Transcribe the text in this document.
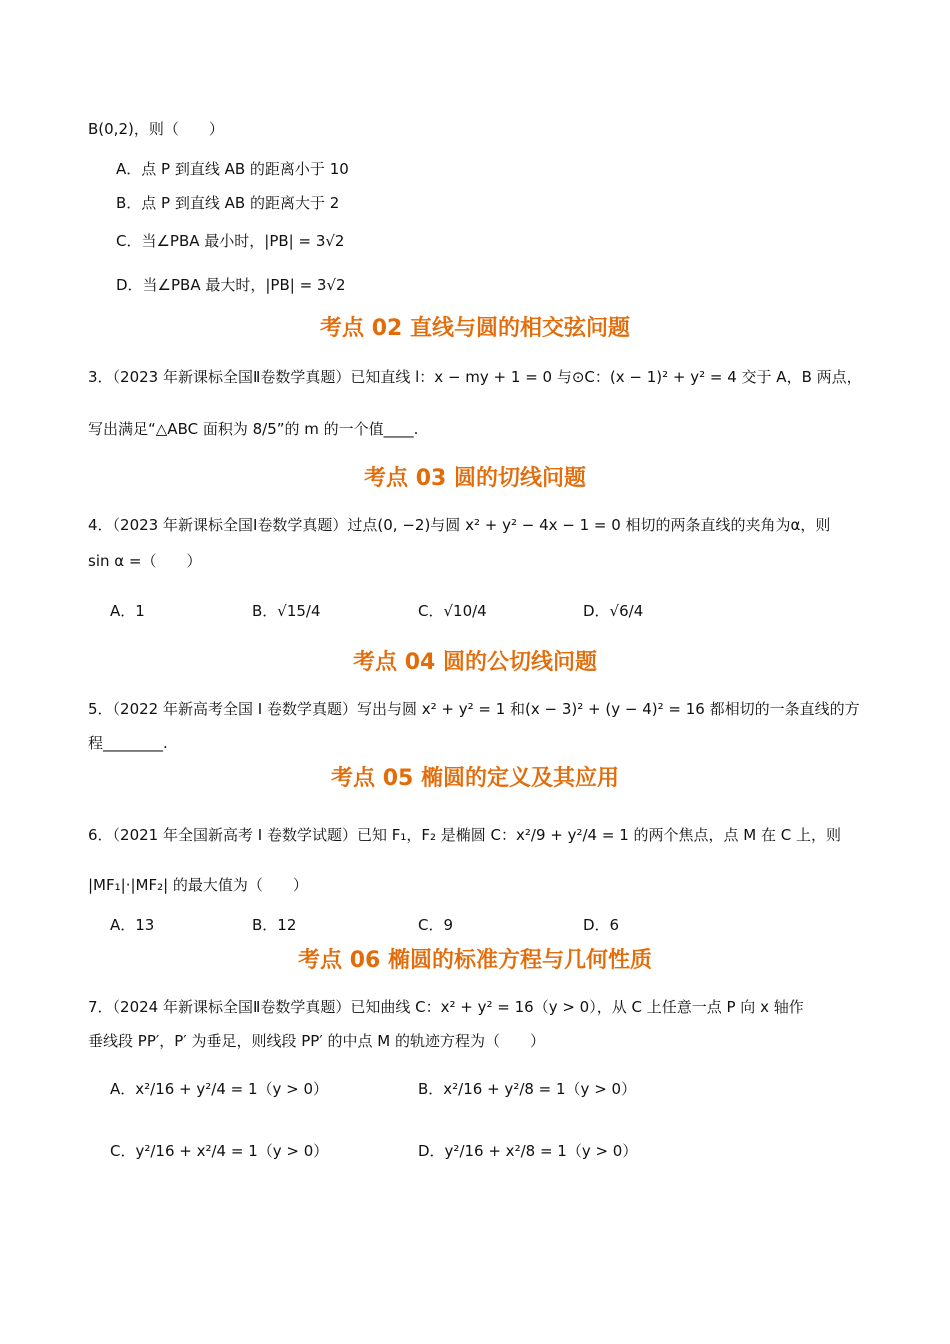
B(0,2)，则（　　）
A．点 P 到直线 AB 的距离小于 10
B．点 P 到直线 AB 的距离大于 2
C．当∠PBA 最小时，|PB| = 3√2
D．当∠PBA 最大时，|PB| = 3√2
考点 02 直线与圆的相交弦问题
3．（2023 年新课标全国Ⅱ卷数学真题）已知直线 l：x − my + 1 = 0 与⊙C：(x − 1)² + y² = 4 交于 A，B 两点，
写出满足“△ABC 面积为 8/5”的 m 的一个值____.
考点 03 圆的切线问题
4．（2023 年新课标全国Ⅰ卷数学真题）过点(0, −2)与圆 x² + y² − 4x − 1 = 0 相切的两条直线的夹角为α，则
sin α =（　　）
A．1	B．√15/4	C．√10/4	D．√6/4
考点 04 圆的公切线问题
5．（2022 年新高考全国 I 卷数学真题）写出与圆 x² + y² = 1 和(x − 3)² + (y − 4)² = 16 都相切的一条直线的方
程________.
考点 05 椭圆的定义及其应用
6．（2021 年全国新高考 I 卷数学试题）已知 F₁，F₂ 是椭圆 C：x²/9 + y²/4 = 1 的两个焦点，点 M 在 C 上，则
|MF₁|·|MF₂| 的最大值为（　　）
A．13	B．12	C．9	D．6
考点 06 椭圆的标准方程与几何性质
7．（2024 年新课标全国Ⅱ卷数学真题）已知曲线 C：x² + y² = 16（y > 0），从 C 上任意一点 P 向 x 轴作
垂线段 PP′，P′ 为垂足，则线段 PP′ 的中点 M 的轨迹方程为（　　）
A．x²/16 + y²/4 = 1（y > 0）	B．x²/16 + y²/8 = 1（y > 0）
C．y²/16 + x²/4 = 1（y > 0）	D．y²/16 + x²/8 = 1（y > 0）
